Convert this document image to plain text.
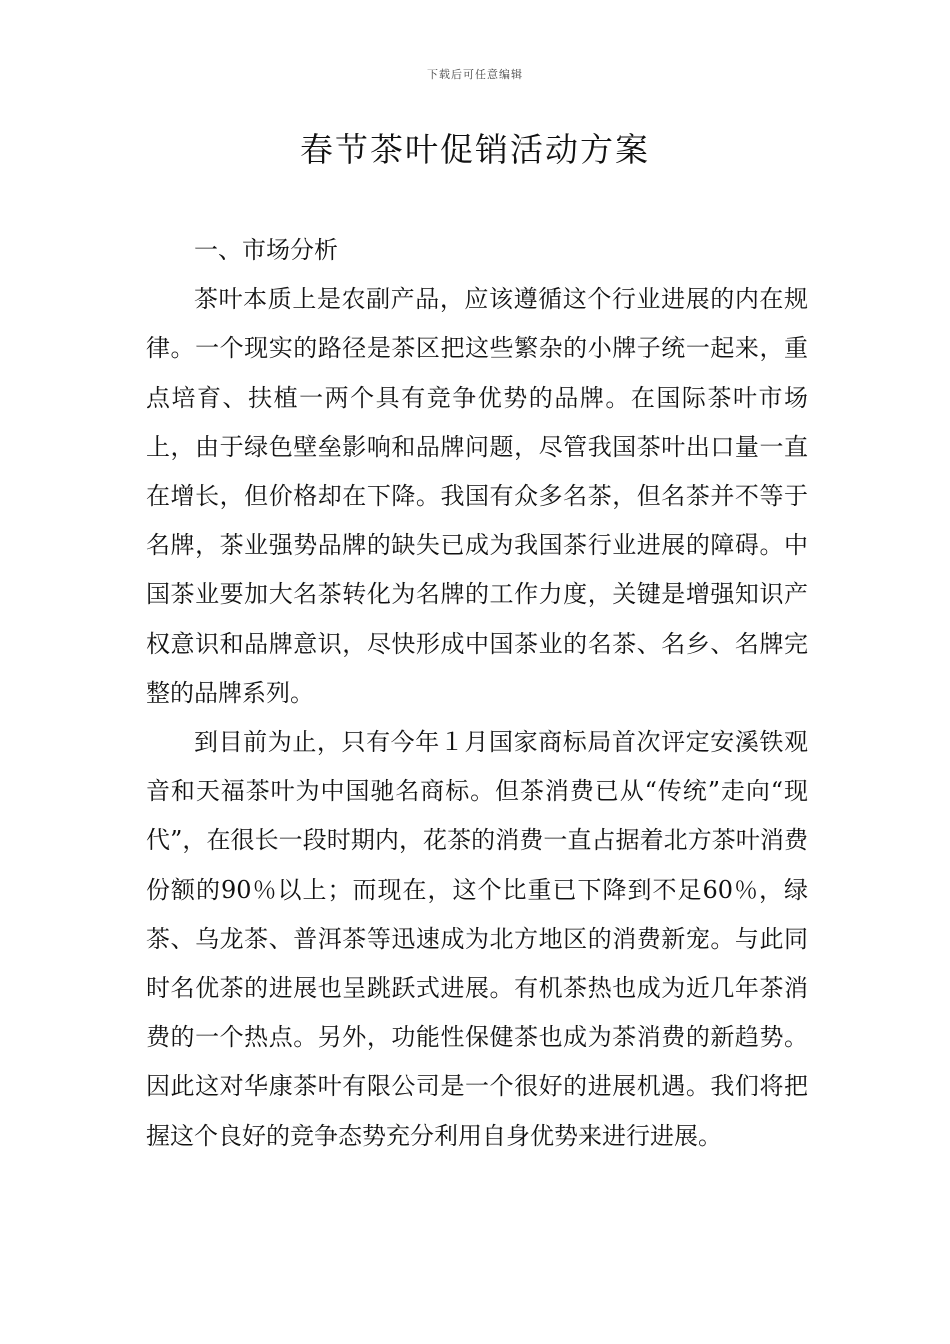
下载后可任意编辑
春节茶叶促销活动方案
一、市场分析

茶叶本质上是农副产品，应该遵循这个行业进展的内在规律。一个现实的路径是茶区把这些繁杂的小牌子统一起来，重点培育、扶植一两个具有竞争优势的品牌。在国际茶叶市场上，由于绿色壁垒影响和品牌问题，尽管我国茶叶出口量一直在增长，但价格却在下降。我国有众多名茶，但名茶并不等于名牌，茶业强势品牌的缺失已成为我国茶行业进展的障碍。中国茶业要加大名茶转化为名牌的工作力度，关键是增强知识产权意识和品牌意识，尽快形成中国茶业的名茶、名乡、名牌完整的品牌系列。

到目前为止，只有今年１月国家商标局首次评定安溪铁观音和天福茶叶为中国驰名商标。但茶消费已从“传统”走向“现代”，在很长一段时期内，花茶的消费一直占据着北方茶叶消费份额的90％以上；而现在，这个比重已下降到不足60％，绿茶、乌龙茶、普洱茶等迅速成为北方地区的消费新宠。与此同时名优茶的进展也呈跳跃式进展。有机茶热也成为近几年茶消费的一个热点。另外，功能性保健茶也成为茶消费的新趋势。因此这对华康茶叶有限公司是一个很好的进展机遇。我们将把握这个良好的竞争态势充分利用自身优势来进行进展。
